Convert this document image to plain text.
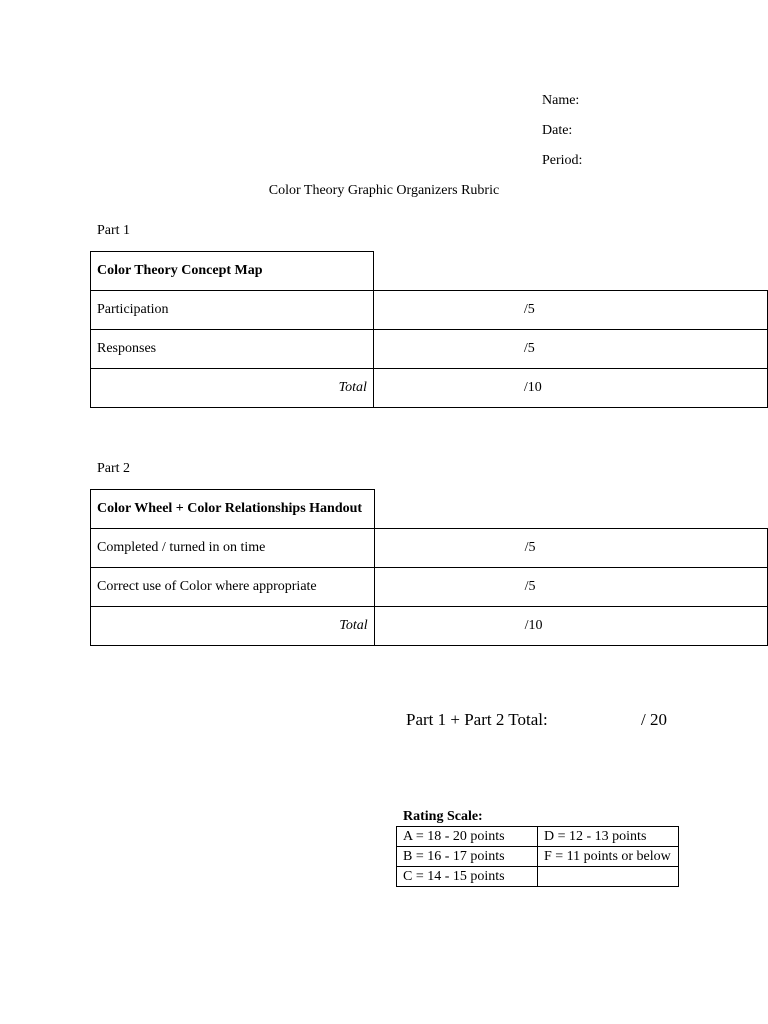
Name:
Date:
Period:
Color Theory Graphic Organizers Rubric
Part 1
Color Theory Concept Map	
Participation	/5
Responses	/5
Total	/10
Part 2
Color Wheel + Color Relationships Handout	
Completed / turned in on time	/5
Correct use of Color where appropriate	/5
Total	/10
Part 1 + Part 2 Total:	/ 20
Rating Scale:
A = 18 - 20 points	D = 12 - 13 points
B = 16 - 17 points	F = 11 points or below
C = 14 - 15 points	
